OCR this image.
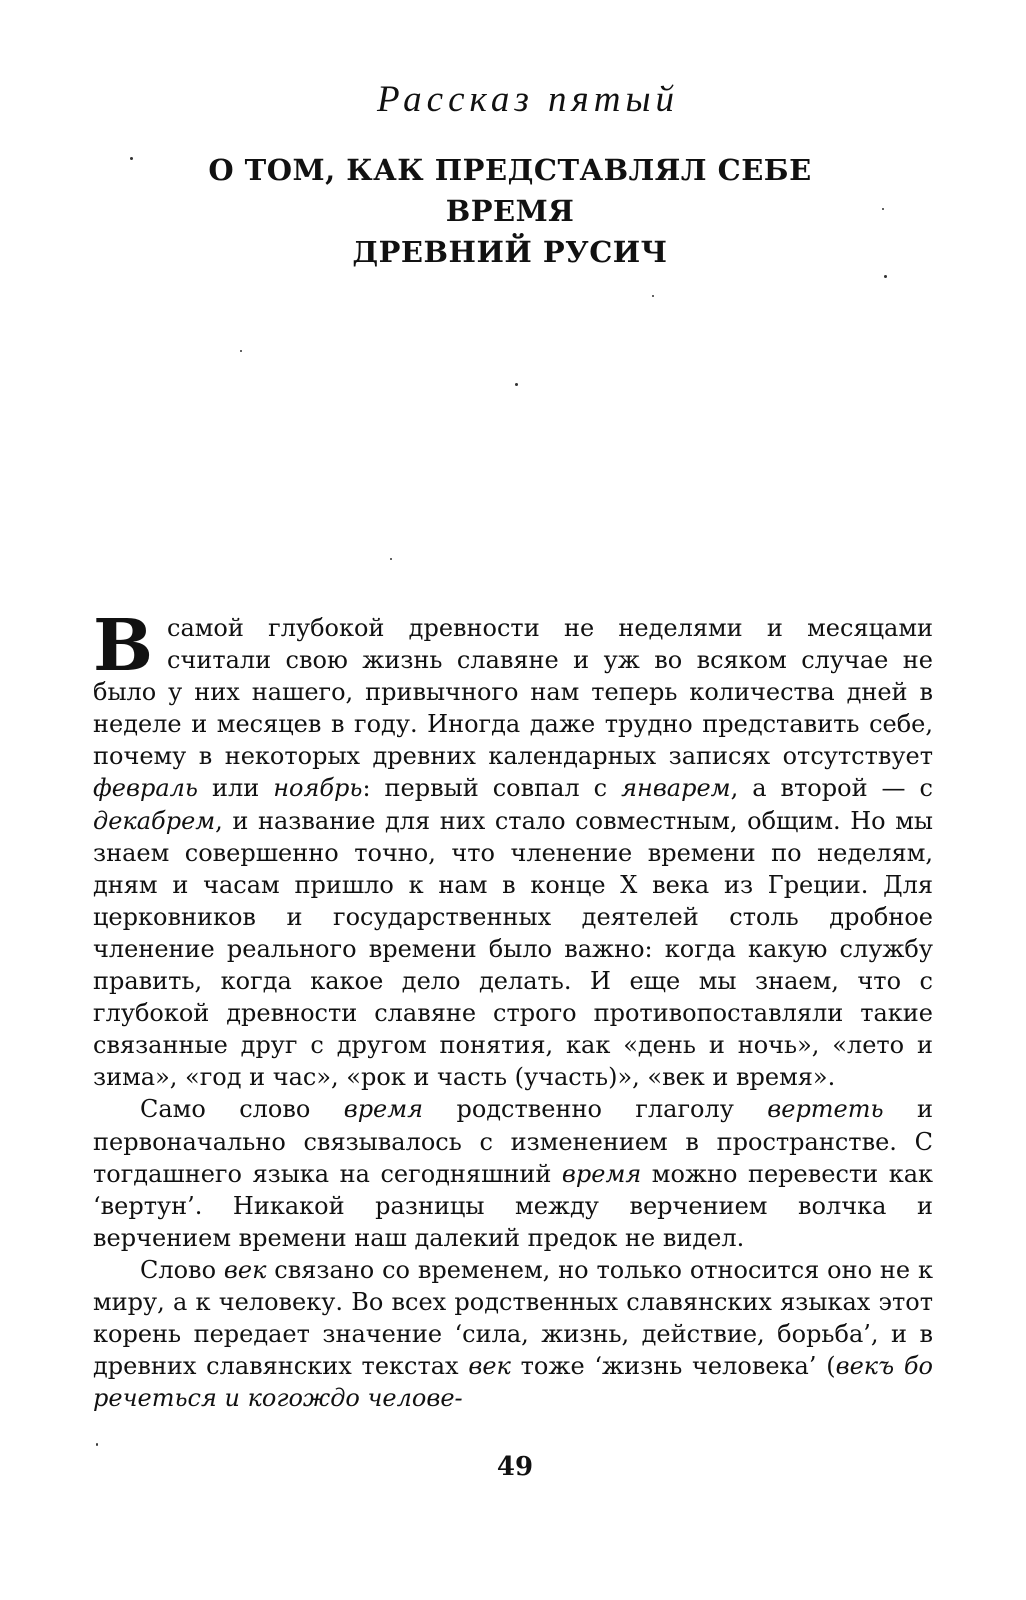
Рассказ пятый
О ТОМ, КАК ПРЕДСТАВЛЯЛ СЕБЕ ВРЕМЯ
ДРЕВНИЙ РУСИЧ

Всамой глубокой древности не неделями и месяцами считали свою жизнь славяне и уж во всяком случае не было у них нашего, привычного нам теперь количества дней в неделе и месяцев в году. Иногда даже трудно представить себе, почему в некоторых древних календарных записях отсутствует февраль или ноябрь: первый совпал с январем, а второй — с декабрем, и название для них стало совместным, общим. Но мы знаем совершенно точно, что членение времени по неделям, дням и часам пришло к нам в конце X века из Греции. Для церковников и государственных деятелей столь дробное членение реального времени было важно: когда какую службу править, когда какое дело делать. И еще мы знаем, что с глубокой древности славяне строго противопоставляли такие связанные друг с другом понятия, как «день и ночь», «лето и зима», «год и час», «рок и часть (участь)», «век и время».

Само слово время родственно глаголу вертеть и первоначально связывалось с изменением в пространстве. С тогдашнего языка на сегодняшний время можно перевести как ‘вертун’. Никакой разницы между верчением волчка и верчением времени наш далекий предок не видел.

Слово век связано со временем, но только относится оно не к миру, а к человеку. Во всех родственных славянских языках этот корень передает значение ‘сила, жизнь, действие, борьба’, и в древних славянских текстах век тоже ‘жизнь человека’ (векъ бо речеться и когождо челове-

49
